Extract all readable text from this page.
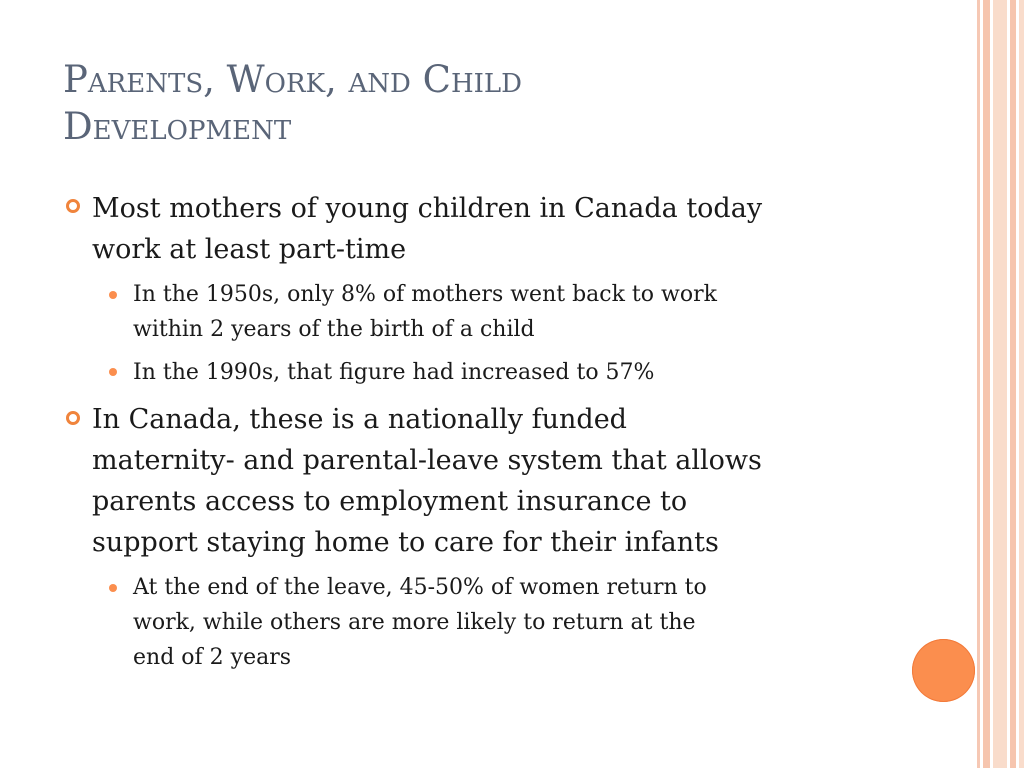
Parents, Work, and Child
Development
Most mothers of young children in Canada today
work at least part-time
In the 1950s, only 8% of mothers went back to work
within 2 years of the birth of a child
In the 1990s, that figure had increased to 57%
In Canada, these is a nationally funded
maternity- and parental-leave system that allows
parents access to employment insurance to
support staying home to care for their infants
At the end of the leave, 45-50% of women return to
work, while others are more likely to return at the
end of 2 years
